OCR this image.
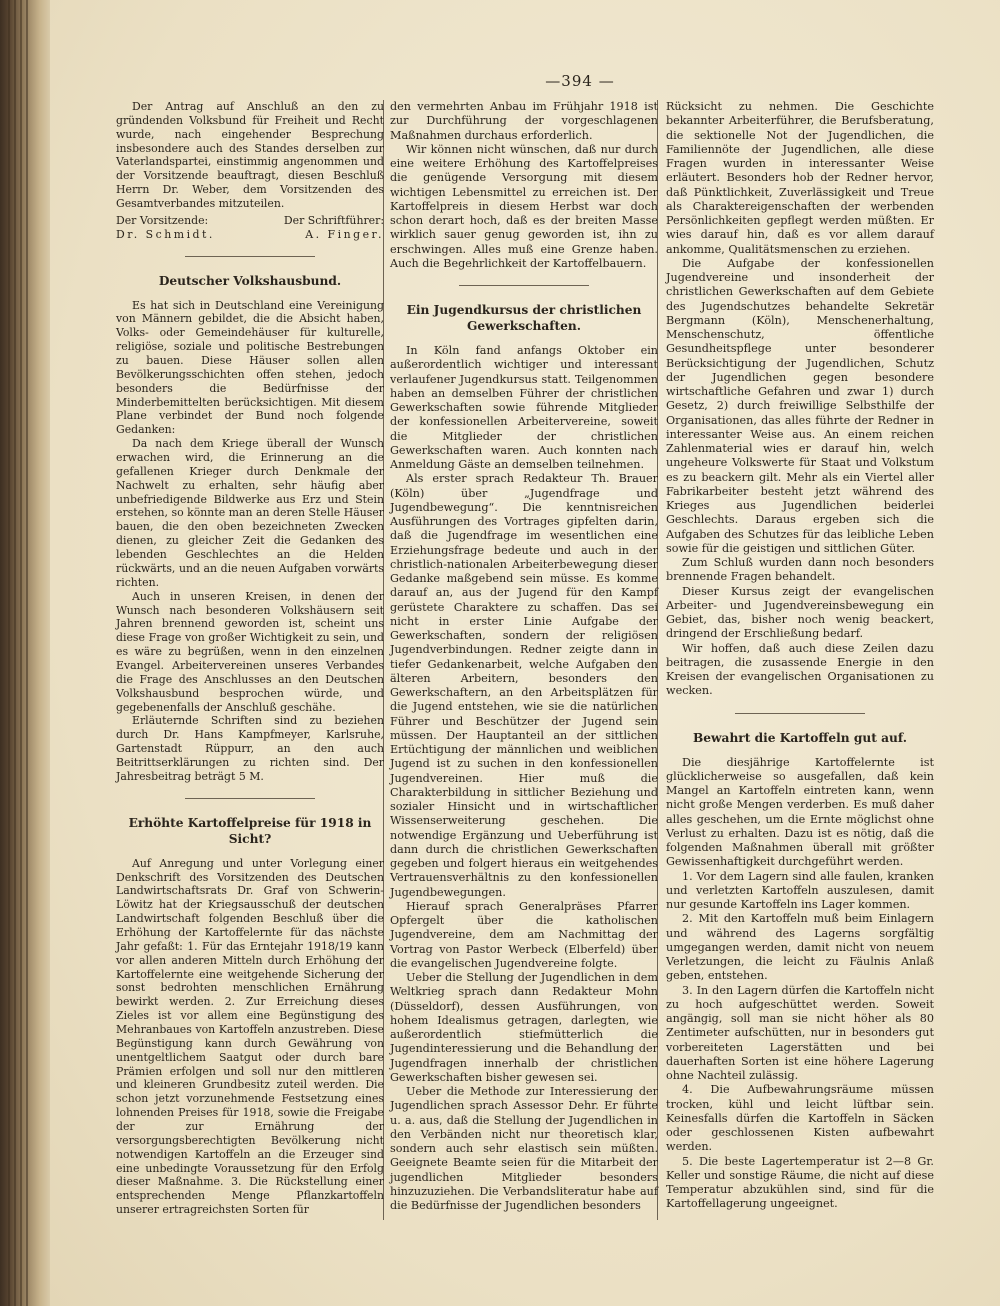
—394 —

Der Antrag auf Anschluß an den zu gründenden Volksbund für Freiheit und Recht wurde, nach eingehender Besprechung insbesondere auch des Standes derselben zur Vaterlandspartei, einstimmig angenommen und der Vorsitzende beauftragt, diesen Beschluß Herrn Dr. Weber, dem Vorsitzenden des Gesamtverbandes mitzuteilen.

Der Vorsitzende:	Der Schriftführer:
Dr. Schmidt.	A. Finger.
Deutscher Volkshausbund.

Es hat sich in Deutschland eine Vereinigung von Männern gebildet, die die Absicht haben, Volks- oder Gemeindehäuser für kulturelle, religiöse, soziale und politische Bestrebungen zu bauen. Diese Häuser sollen allen Bevölkerungsschichten offen stehen, jedoch besonders die Bedürfnisse der Minderbemittelten berücksichtigen. Mit diesem Plane verbindet der Bund noch folgende Gedanken:

Da nach dem Kriege überall der Wunsch erwachen wird, die Erinnerung an die gefallenen Krieger durch Denkmale der Nachwelt zu erhalten, sehr häufig aber unbefriedigende Bildwerke aus Erz und Stein erstehen, so könnte man an deren Stelle Häuser bauen, die den oben bezeichneten Zwecken dienen, zu gleicher Zeit die Gedanken des lebenden Geschlechtes an die Helden rückwärts, und an die neuen Aufgaben vorwärts richten.

Auch in unseren Kreisen, in denen der Wunsch nach besonderen Volkshäusern seit Jahren brennend geworden ist, scheint uns diese Frage von großer Wichtigkeit zu sein, und es wäre zu begrüßen, wenn in den einzelnen Evangel. Arbeitervereinen unseres Verbandes die Frage des Anschlusses an den Deutschen Volkshausbund besprochen würde, und gegebenenfalls der Anschluß geschähe.

Erläuternde Schriften sind zu beziehen durch Dr. Hans Kampfmeyer, Karlsruhe, Gartenstadt Rüppurr, an den auch Beitrittserklärungen zu richten sind. Der Jahresbeitrag beträgt 5 M.

Erhöhte Kartoffelpreise für 1918 in Sicht?

Auf Anregung und unter Vorlegung einer Denkschrift des Vorsitzenden des Deutschen Landwirtschaftsrats Dr. Graf von Schwerin-Löwitz hat der Kriegsausschuß der deutschen Landwirtschaft folgenden Beschluß über die Erhöhung der Kartoffelernte für das nächste Jahr gefaßt: 1. Für das Erntejahr 1918/19 kann vor allen anderen Mitteln durch Erhöhung der Kartoffelernte eine weitgehende Sicherung der sonst bedrohten menschlichen Ernährung bewirkt werden. 2. Zur Erreichung dieses Zieles ist vor allem eine Begünstigung des Mehranbaues von Kartoffeln anzustreben. Diese Begünstigung kann durch Gewährung von unentgeltlichem Saatgut oder durch bare Prämien erfolgen und soll nur den mittleren und kleineren Grundbesitz zuteil werden. Die schon jetzt vorzunehmende Festsetzung eines lohnenden Preises für 1918, sowie die Freigabe der zur Ernährung der versorgungsberechtigten Bevölkerung nicht notwendigen Kartoffeln an die Erzeuger sind eine unbedingte Voraussetzung für den Erfolg dieser Maßnahme. 3. Die Rückstellung einer entsprechenden Menge Pflanzkartoffeln unserer ertragreichsten Sorten für

den vermehrten Anbau im Frühjahr 1918 ist zur Durchführung der vorgeschlagenen Maßnahmen durchaus erforderlich.

Wir können nicht wünschen, daß nur durch eine weitere Erhöhung des Kartoffelpreises die genügende Versorgung mit diesem wichtigen Lebensmittel zu erreichen ist. Der Kartoffelpreis in diesem Herbst war doch schon derart hoch, daß es der breiten Masse wirklich sauer genug geworden ist, ihn zu erschwingen. Alles muß eine Grenze haben. Auch die Begehrlichkeit der Kartoffelbauern.

Ein Jugendkursus der christlichen Gewerkschaften.

In Köln fand anfangs Oktober ein außerordentlich wichtiger und interessant verlaufener Jugendkursus statt. Teilgenommen haben an demselben Führer der christlichen Gewerkschaften sowie führende Mitglieder der konfessionellen Arbeitervereine, soweit die Mitglieder der christlichen Gewerkschaften waren. Auch konnten nach Anmeldung Gäste an demselben teilnehmen.

Als erster sprach Redakteur Th. Brauer (Köln) über „Jugendfrage und Jugendbewegung“. Die kenntnisreichen Ausführungen des Vortrages gipfelten darin, daß die Jugendfrage im wesentlichen eine Erziehungsfrage bedeute und auch in der christlich-nationalen Arbeiterbewegung dieser Gedanke maßgebend sein müsse. Es komme darauf an, aus der Jugend für den Kampf gerüstete Charaktere zu schaffen. Das sei nicht in erster Linie Aufgabe der Gewerkschaften, sondern der religiösen Jugendverbindungen. Redner zeigte dann in tiefer Gedankenarbeit, welche Aufgaben den älteren Arbeitern, besonders den Gewerkschaftern, an den Arbeitsplätzen für die Jugend entstehen, wie sie die natürlichen Führer und Beschützer der Jugend sein müssen. Der Hauptanteil an der sittlichen Ertüchtigung der männlichen und weiblichen Jugend ist zu suchen in den konfessionellen Jugendvereinen. Hier muß die Charakterbildung in sittlicher Beziehung und sozialer Hinsicht und in wirtschaftlicher Wissenserweiterung geschehen. Die notwendige Ergänzung und Ueberführung ist dann durch die christlichen Gewerkschaften gegeben und folgert hieraus ein weitgehendes Vertrauensverhältnis zu den konfessionellen Jugendbewegungen.

Hierauf sprach Generalpräses Pfarrer Opfergelt über die katholischen Jugendvereine, dem am Nachmittag der Vortrag von Pastor Werbeck (Elberfeld) über die evangelischen Jugendvereine folgte.

Ueber die Stellung der Jugendlichen in dem Weltkrieg sprach dann Redakteur Mohn (Düsseldorf), dessen Ausführungen, von hohem Idealismus getragen, darlegten, wie außerordentlich stiefmütterlich die Jugendinteressierung und die Behandlung der Jugendfragen innerhalb der christlichen Gewerkschaften bisher gewesen sei.

Ueber die Methode zur Interessierung der Jugendlichen sprach Assessor Dehr. Er führte u. a. aus, daß die Stellung der Jugendlichen in den Verbänden nicht nur theoretisch klar, sondern auch sehr elastisch sein müßten. Geeignete Beamte seien für die Mitarbeit der jugendlichen Mitglieder besonders hinzuzuziehen. Die Verbandsliteratur habe auf die Bedürfnisse der Jugendlichen besonders

Rücksicht zu nehmen. Die Geschichte bekannter Arbeiterführer, die Berufsberatung, die sektionelle Not der Jugendlichen, die Familiennöte der Jugendlichen, alle diese Fragen wurden in interessanter Weise erläutert. Besonders hob der Redner hervor, daß Pünktlichkeit, Zuverlässigkeit und Treue als Charaktereigenschaften der werbenden Persönlichkeiten gepflegt werden müßten. Er wies darauf hin, daß es vor allem darauf ankomme, Qualitätsmenschen zu erziehen.

Die Aufgabe der konfessionellen Jugendvereine und insonderheit der christlichen Gewerkschaften auf dem Gebiete des Jugendschutzes behandelte Sekretär Bergmann (Köln), Menschenerhaltung, Menschenschutz, öffentliche Gesundheitspflege unter besonderer Berücksichtigung der Jugendlichen, Schutz der Jugendlichen gegen besondere wirtschaftliche Gefahren und zwar 1) durch Gesetz, 2) durch freiwillige Selbsthilfe der Organisationen, das alles führte der Redner in interessanter Weise aus. An einem reichen Zahlenmaterial wies er darauf hin, welch ungeheure Volkswerte für Staat und Volkstum es zu beackern gilt. Mehr als ein Viertel aller Fabrikarbeiter besteht jetzt während des Krieges aus Jugendlichen beiderlei Geschlechts. Daraus ergeben sich die Aufgaben des Schutzes für das leibliche Leben sowie für die geistigen und sittlichen Güter.

Zum Schluß wurden dann noch besonders brennende Fragen behandelt.

Dieser Kursus zeigt der evangelischen Arbeiter- und Jugendvereinsbewegung ein Gebiet, das, bisher noch wenig beackert, dringend der Erschließung bedarf.

Wir hoffen, daß auch diese Zeilen dazu beitragen, die zusassende Energie in den Kreisen der evangelischen Organisationen zu wecken.

Bewahrt die Kartoffeln gut auf.

Die diesjährige Kartoffelernte ist glücklicherweise so ausgefallen, daß kein Mangel an Kartoffeln eintreten kann, wenn nicht große Mengen verderben. Es muß daher alles geschehen, um die Ernte möglichst ohne Verlust zu erhalten. Dazu ist es nötig, daß die folgenden Maßnahmen überall mit größter Gewissenhaftigkeit durchgeführt werden.

1. Vor dem Lagern sind alle faulen, kranken und verletzten Kartoffeln auszulesen, damit nur gesunde Kartoffeln ins Lager kommen.

2. Mit den Kartoffeln muß beim Einlagern und während des Lagerns sorgfältig umgegangen werden, damit nicht von neuem Verletzungen, die leicht zu Fäulnis Anlaß geben, entstehen.

3. In den Lagern dürfen die Kartoffeln nicht zu hoch aufgeschüttet werden. Soweit angängig, soll man sie nicht höher als 80 Zentimeter aufschütten, nur in besonders gut vorbereiteten Lagerstätten und bei dauerhaften Sorten ist eine höhere Lagerung ohne Nachteil zulässig.

4. Die Aufbewahrungsräume müssen trocken, kühl und leicht lüftbar sein. Keinesfalls dürfen die Kartoffeln in Säcken oder geschlossenen Kisten aufbewahrt werden.

5. Die beste Lagertemperatur ist 2—8 Gr. Keller und sonstige Räume, die nicht auf diese Temperatur abzukühlen sind, sind für die Kartoffellagerung ungeeignet.
